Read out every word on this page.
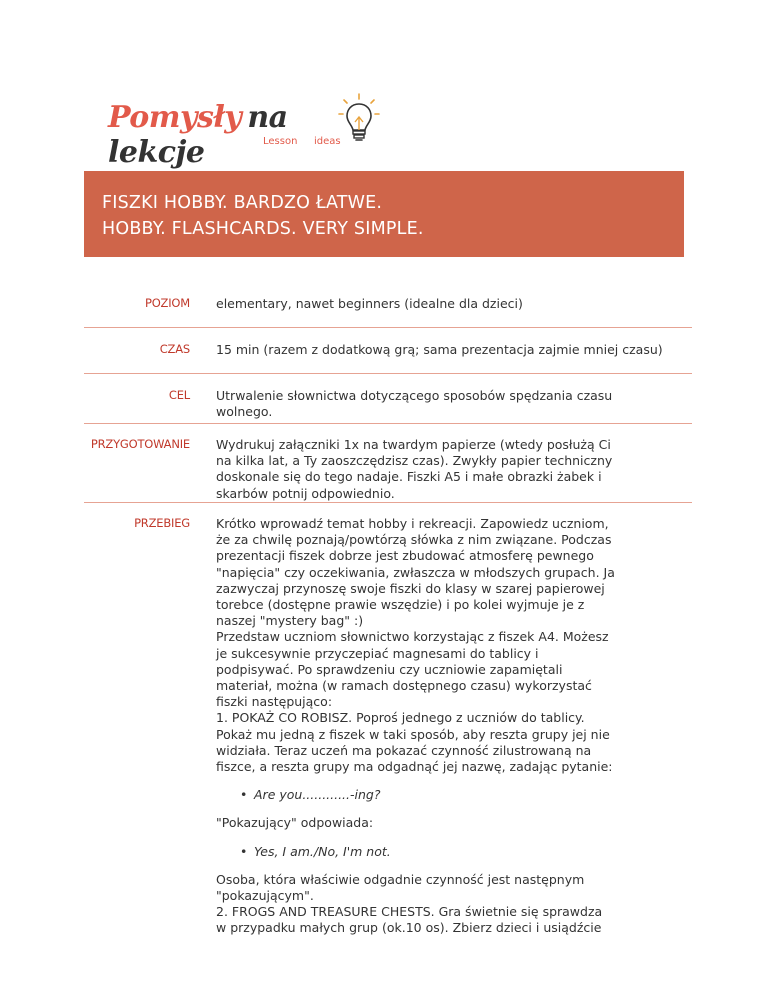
Pomysły na lekcje	Lesson ideas
FISZKI HOBBY. BARDZO ŁATWE.
HOBBY. FLASHCARDS. VERY SIMPLE.
POZIOM elementary, nawet beginners (idealne dla dzieci)
CZAS 15 min (razem z dodatkową grą; sama prezentacja zajmie mniej czasu)
CEL Utrwalenie słownictwa dotyczącego sposobów spędzania czasu wolnego.
PRZYGOTOWANIE Wydrukuj załączniki 1x na twardym papierze (wtedy posłużą Ci na kilka lat, a Ty zaoszczędzisz czas). Zwykły papier techniczny doskonale się do tego nadaje. Fiszki A5 i małe obrazki żabek i skarbów potnij odpowiednio.
PRZEBIEG Krótko wprowadź temat hobby i rekreacji. Zapowiedz uczniom, że za chwilę poznają/powtórzą słówka z nim związane. Podczas prezentacji fiszek dobrze jest zbudować atmosferę pewnego "napięcia" czy oczekiwania, zwłaszcza w młodszych grupach. Ja zazwyczaj przynoszę swoje fiszki do klasy w szarej papierowej torebce (dostępne prawie wszędzie) i po kolei wyjmuje je z naszej "mystery bag" :)

Przedstaw uczniom słownictwo korzystając z fiszek A4. Możesz je sukcesywnie przyczepiać magnesami do tablicy i podpisywać. Po sprawdzeniu czy uczniowie zapamiętali materiał, można (w ramach dostępnego czasu) wykorzystać fiszki następująco:

1. POKAŻ CO ROBISZ. Poproś jednego z uczniów do tablicy. Pokaż mu jedną z fiszek w taki sposób, aby reszta grupy jej nie widziała. Teraz uczeń ma pokazać czynność zilustrowaną na fiszce, a reszta grupy ma odgadnąć jej nazwę, zadając pytanie:

• Are you............-ing?

"Pokazujący" odpowiada:

• Yes, I am./No, I'm not.

Osoba, która właściwie odgadnie czynność jest następnym "pokazującym".

2. FROGS AND TREASURE CHESTS. Gra świetnie się sprawdza w przypadku małych grup (ok.10 os). Zbierz dzieci i usiądźcie
